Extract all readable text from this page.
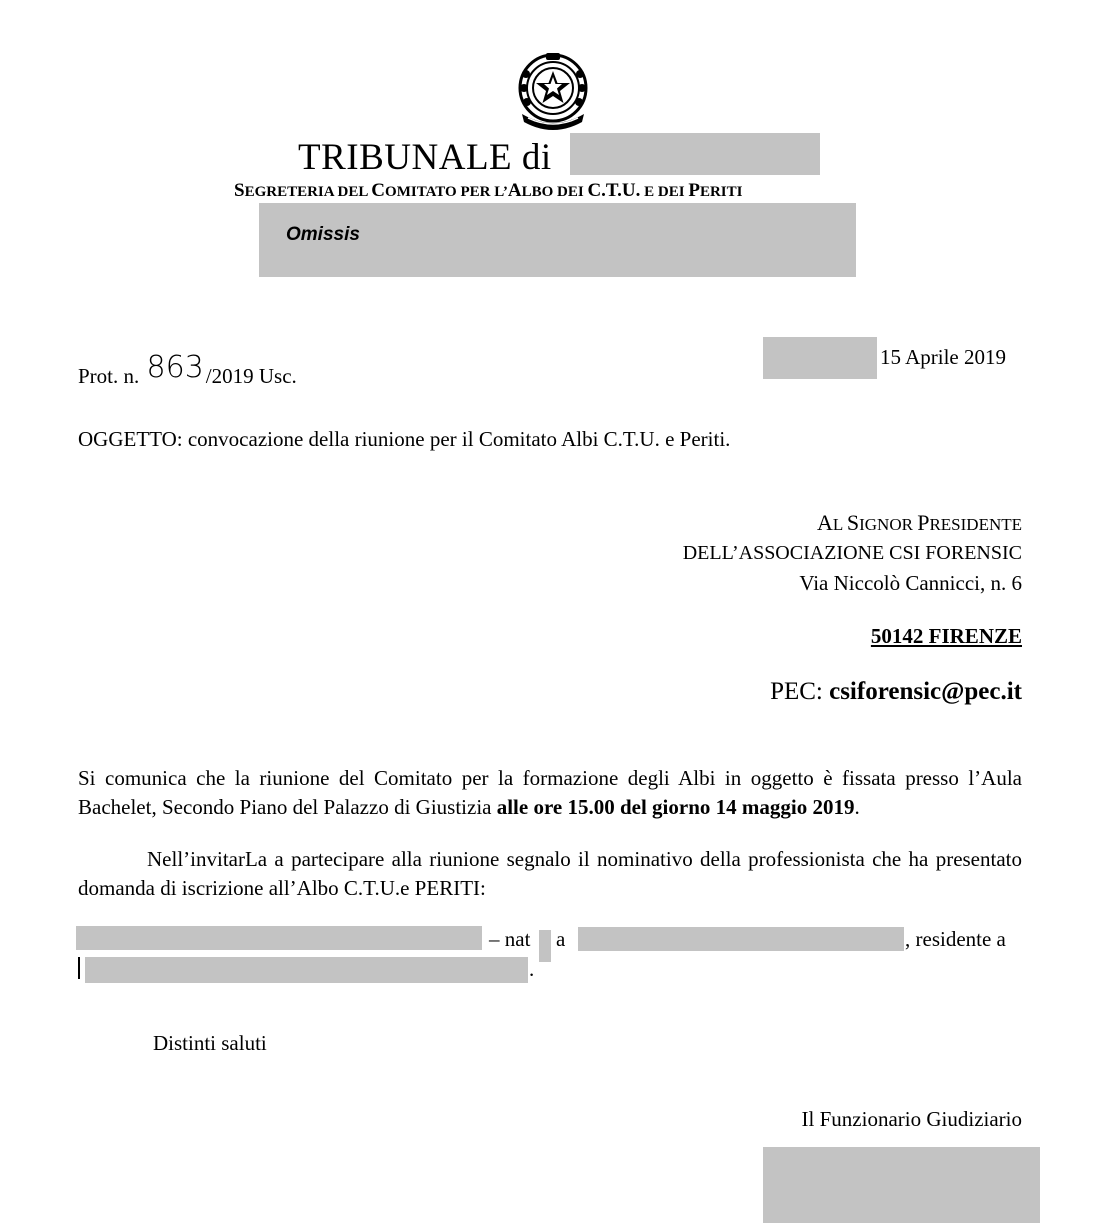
TRIBUNALE di
SEGRETERIA DEL COMITATO PER L’ALBO DEI C.T.U. E DEI PERITI
Omissis
15 Aprile 2019
Prot. n. 863/2019 Usc.
OGGETTO: convocazione della riunione per il Comitato Albi C.T.U. e Periti.
AL SIGNOR PRESIDENTE
DELL’ASSOCIAZIONE CSI FORENSIC
Via Niccolò Cannicci, n. 6
50142 FIRENZE
PEC: csiforensic@pec.it
Si comunica che la riunione del Comitato per la formazione degli Albi in oggetto è fissata presso l’Aula Bachelet, Secondo Piano del Palazzo di Giustizia alle ore 15.00 del giorno 14 maggio 2019.
Nell’invitarLa a partecipare alla riunione segnalo il nominativo della professionista che ha presentato domanda di iscrizione all’Albo C.T.U.e PERITI:
– nat a	, residente a
.
Distinti saluti
Il Funzionario Giudiziario
